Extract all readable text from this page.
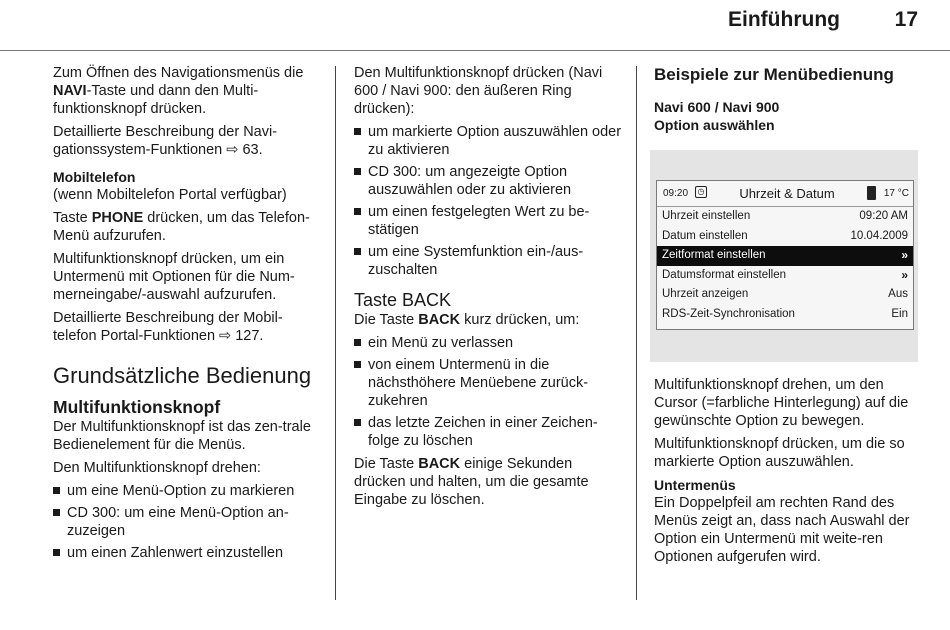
Einführung	17

Zum Öffnen des Navigationsmenüs die NAVI-Taste und dann den Multi-funktionsknopf drücken.

Detaillierte Beschreibung der Navi-gationssystem-Funktionen ⇨ 63.

Mobiltelefon

(wenn Mobiltelefon Portal verfügbar)

Taste PHONE drücken, um das Telefon-Menü aufzurufen.

Multifunktionsknopf drücken, um ein Untermenü mit Optionen für die Num-merneingabe/-auswahl aufzurufen.

Detaillierte Beschreibung der Mobil-telefon Portal-Funktionen ⇨ 127.

Grundsätzliche Bedienung
Multifunktionsknopf

Der Multifunktionsknopf ist das zen-trale Bedienelement für die Menüs.

Den Multifunktionsknopf drehen:

um eine Menü-Option zu markieren
CD 300: um eine Menü-Option an-zuzeigen
um einen Zahlenwert einzustellen

Den Multifunktionsknopf drücken (Navi 600 / Navi 900: den äußeren Ring drücken):

um markierte Option auszuwählen oder zu aktivieren
CD 300: um angezeigte Option auszuwählen oder zu aktivieren
um einen festgelegten Wert zu be-stätigen
um eine Systemfunktion ein-/aus-zuschalten
Taste BACK

Die Taste BACK kurz drücken, um:

ein Menü zu verlassen
von einem Untermenü in die nächsthöhere Menüebene zurück-zukehren
das letzte Zeichen in einer Zeichen-folge zu löschen

Die Taste BACK einige Sekunden drücken und halten, um die gesamte Eingabe zu löschen.

Beispiele zur Menübedienung
Navi 600 / Navi 900
Option auswählen
09:20	◷	Uhrzeit & Datum	17 °C
Uhrzeit einstellen	09:20 AM
Datum einstellen	10.04.2009
Zeitformat einstellen	»
Datumsformat einstellen	»
Uhrzeit anzeigen	Aus
RDS-Zeit-Synchronisation	Ein

Multifunktionsknopf drehen, um den Cursor (=farbliche Hinterlegung) auf die gewünschte Option zu bewegen.

Multifunktionsknopf drücken, um die so markierte Option auszuwählen.

Untermenüs

Ein Doppelpfeil am rechten Rand des Menüs zeigt an, dass nach Auswahl der Option ein Untermenü mit weite-ren Optionen aufgerufen wird.
